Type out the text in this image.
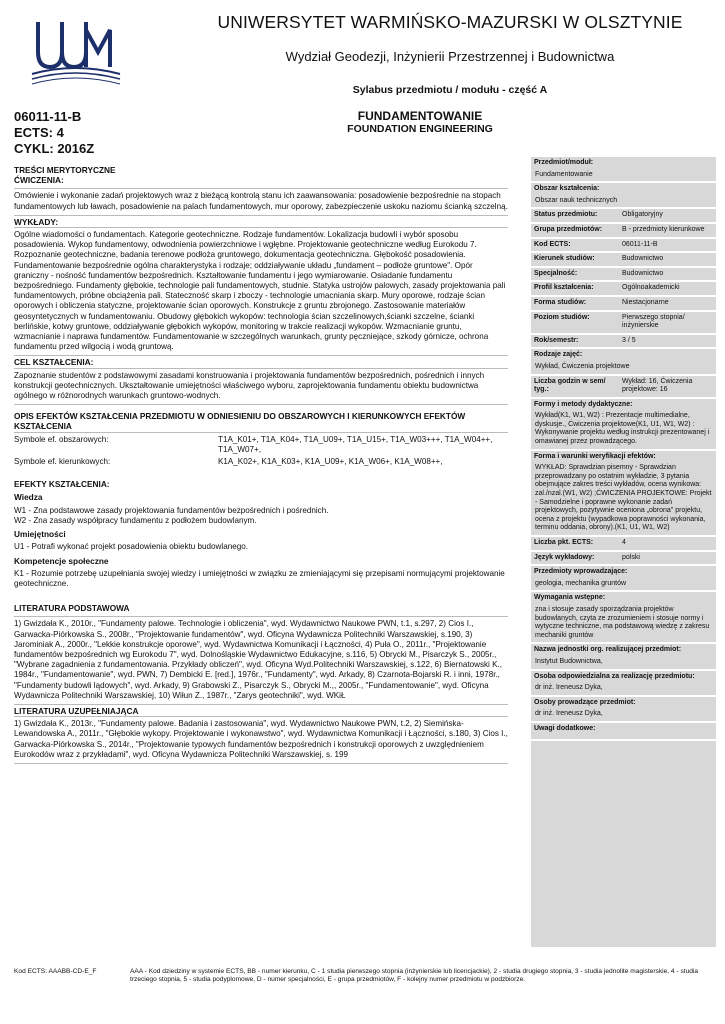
UNIWERSYTET WARMIŃSKO-MAZURSKI W OLSZTYNIE
Wydział Geodezji, Inżynierii Przestrzennej i Budownictwa
Sylabus przedmiotu / modułu - część A
06011-11-B
ECTS: 4
CYKL: 2016Z
FUNDAMENTOWANIE
FOUNDATION ENGINEERING

TREŚCI MERYTORYCZNE

ĆWICZENIA:

Omówienie i wykonanie zadań projektowych wraz z bieżącą kontrolą stanu ich zaawansowania: posadowienie bezpośrednie na stopach fundamentowych lub ławach, posadowienie na palach fundamentowych, mur oporowy, zabezpieczenie uskoku naziomu ścianką szczelną.

WYKŁADY:

Ogólne wiadomości o fundamentach. Kategorie geotechniczne. Rodzaje fundamentów. Lokalizacja budowli i wybór sposobu posadowienia. Wykop fundamentowy, odwodnienia powierzchniowe i wgłębne. Projektowanie geotechniczne według Eurokodu 7. Rozpoznanie geotechniczne, badania terenowe podłoża gruntowego, dokumentacja geotechniczna. Głębokość posadowienia. Fundamentowanie bezpośrednie ogólna charakterystyka i rodzaje; oddziaływanie układu „fundament – podłoże gruntowe". Opór graniczny - nośność fundamentów bezpośrednich. Kształtowanie fundamentu i jego wymiarowanie. Osiadanie fundamentu bezpośredniego. Fundamenty głębokie, technologie pali fundamentowych, studnie. Statyka ustrojów palowych, zasady projektowania pali fundamentowych, próbne obciążenia pali. Stateczność skarp i zboczy - technologie umacniania skarp. Mury oporowe, rodzaje ścian oporowych i obliczenia statyczne, projektowanie ścian oporowych. Konstrukcje z gruntu zbrojonego. Zastosowanie materiałów geosyntetycznych w fundamentowaniu. Obudowy głębokich wykopów: technologia ścian szczelinowych,ścianki szczelne, ścianki berlińskie, kotwy gruntowe, oddziaływanie głębokich wykopów, monitoring w trakcie realizacji wykopów. Wzmacnianie gruntu, wzmacnianie i naprawa fundamentów. Fundamentowanie w szczególnych warunkach, grunty pęczniejące, szkody górnicze, ochrona fundamentu przed wilgocią i wodą gruntową.

CEL KSZTAŁCENIA:

Zapoznanie studentów z podstawowymi zasadami konstruowania i projektowania fundamentów bezpośrednich, pośrednich i innych konstrukcji geotechnicznych. Ukształtowanie umiejętności właściwego wyboru, zaprojektowania fundamentu obiektu budownictwa ogólnego w różnorodnych warunkach gruntowo-wodnych.

OPIS EFEKTÓW KSZTAŁCENIA PRZEDMIOTU W ODNIESIENIU DO OBSZAROWYCH I KIERUNKOWYCH EFEKTÓW KSZTAŁCENIA

Symbole ef. obszarowych:	T1A_K01+, T1A_K04+, T1A_U09+, T1A_U15+, T1A_W03+++, T1A_W04++, T1A_W07+,
Symbole ef. kierunkowych:	K1A_K02+, K1A_K03+, K1A_U09+, K1A_W06+, K1A_W08++,

EFEKTY KSZTAŁCENIA:

Wiedza

W1 - Zna podstawowe zasady projektowania fundamentów bezpośrednich i pośrednich.

W2 - Zna zasady współpracy fundamentu z podłożem budowlanym.

Umiejętności

U1 - Potrafi wykonać projekt posadowienia obiektu budowlanego.

Kompetencje społeczne

K1 - Rozumie potrzebę uzupełniania swojej wiedzy i umiejętności w związku ze zmieniającymi się przepisami normującymi projektowanie geotechniczne.

LITERATURA PODSTAWOWA

1) Gwizdała K., 2010r., "Fundamenty palowe. Technologie i obliczenia", wyd. Wydawnictwo Naukowe PWN, t.1, s.297, 2) Cios I., Garwacka-Piórkowska S., 2008r., "Projektowanie fundamentów", wyd. Oficyna Wydawnicza Politechniki Warszawskiej, s.190, 3) Jarominiak A., 2000r., "Lekkie konstrukcje oporowe", wyd. Wydawnictwa Komunikacji i Łączności, 4) Puła O., 2011r., "Projektowanie fundamentów bezpośrednich wg Eurokodu 7", wyd. Dolnośląskie Wydawnictwo Edukacyjne, s.116, 5) Obrycki M., Pisarczyk S., 2005r., "Wybrane zagadnienia z fundamentowania. Przykłady obliczeń", wyd. Oficyna Wyd.Politechniki Warszawskiej, s.122, 6) Biernatowski K., 1984r., "Fundamentowanie", wyd. PWN, 7) Dembicki E. [red.], 1976r., "Fundamenty", wyd. Arkady, 8) Czarnota-Bojarski R. i inni, 1978r., "Fundamenty budowli lądowych", wyd. Arkady, 9) Grabowski Z., Pisarczyk S., Obrycki M.,, 2005r., "Fundamentowanie", wyd. Oficyna Wydawnicza Politechniki Warszawskiej, 10) Wiłun Z., 1987r., "Zarys geotechniki", wyd. WKiŁ

LITERATURA UZUPEŁNIAJĄCA

1) Gwizdała K., 2013r., "Fundamenty palowe. Badania i zastosowania", wyd. Wydawnictwo Naukowe PWN, t.2, 2) Siemińska-Lewandowska A., 2011r., "Głębokie wykopy. Projektowanie i wykonawstwo", wyd. Wydawnictwa Komunikacji i Łączności, s.180, 3) Cios I., Garwacka-Piórkowska S., 2014r., "Projektowanie typowych fundamentów bezpośrednich i konstrukcji oporowych z uwzględnieniem Eurokodów wraz z przykładami", wyd. Oficyna Wydawnicza Politechniki Warszawskiej, s. 199
Przedmiot/moduł:
Fundamentowanie
Obszar kształcenia:
Obszar nauk technicznych
Status przedmiotu:	Obligatoryjny
Grupa przedmiotów:	B - przedmioty kierunkowe
Kod ECTS:	06011-11-B
Kierunek studiów:	Budownictwo
Specjalność:	Budownictwo
Profil kształcenia:	Ogólnoakademicki
Forma studiów:	Niestacjonarne
Poziom studiów:	Pierwszego stopnia/ inżynierskie
Rok/semestr:	3 / 5
Rodzaje zajęć:
Wykład, Ćwiczenia projektowe
Liczba godzin w sem/ tyg.:
Wykład: 16, Ćwiczenia projektowe: 16
Formy i metody dydaktyczne:
Wykład(K1, W1, W2) : Prezentacje multimedialne, dyskusje., Ćwiczenia projektowe(K1, U1, W1, W2) : Wykonywanie projektu według instrukcji prezentowanej i omawianej przez prowadzącego.
Forma i warunki weryfikacji efektów:
WYKŁAD: Sprawdzian pisemny - Sprawdzian przeprowadzany po ostatnim wykładzie, 3 pytania obejmujące zakres treści wykładów, ocena wynikowa: zal./nzal.(W1, W2) ;ĆWICZENIA PROJEKTOWE: Projekt - Samodzielne i poprawne wykonanie zadań projektowych, pozytywnie oceniona „obrona" projektu, ocena z projektu (wypadkowa poprawności wykonania, terminu oddania, obrony).(K1, U1, W1, W2)
Liczba pkt. ECTS:	4
Język wykładowy:	polski
Przedmioty wprowadzające:
geologia, mechanika gruntów
Wymagania wstępne:
zna i stosuje zasady sporządzania projektów budowlanych, czyta ze zrozumieniem i stosuje normy i wytyczne techniczne, ma podstawową wiedzę z zakresu mechaniki gruntów
Nazwa jednostki org. realizującej przedmiot:
Instytut Budownictwa,
Osoba odpowiedzialna za realizację przedmiotu:
dr inż. Ireneusz Dyka,
Osoby prowadzące przedmiot:
dr inż. Ireneusz Dyka,
Uwagi dodatkowe:
Kod ECTS: AAABB-CD-E_F	AAA - Kod dziedziny w systemie ECTS, BB - numer kierunku, C - 1 studia pierwszego stopnia (inżynierskie lub licencjackie), 2 - studia drugiego stopnia, 3 - studia jednolite magisterskie, 4 - studia trzeciego stopnia, 5 - studia podyplomowe, D - numer specjalności, E - grupa przedmiotów, F - kolejny numer przedmiotu w podzbiorze.
